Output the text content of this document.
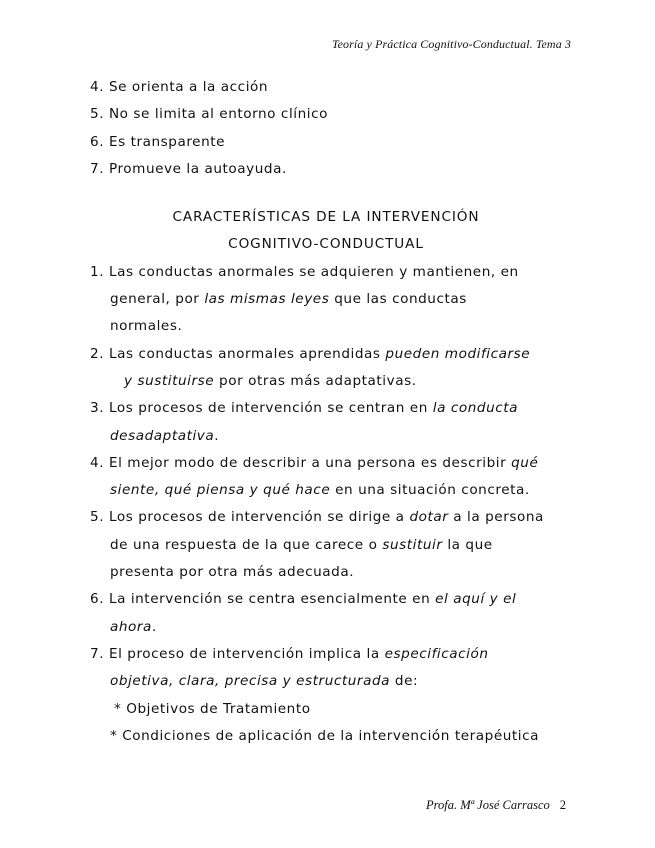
Teoría y Práctica Cognitivo-Conductual. Tema 3
4. Se orienta a la acción
5. No se limita al entorno clínico
6. Es transparente
7. Promueve la autoayuda.
CARACTERÍSTICAS DE LA INTERVENCIÓN
COGNITIVO-CONDUCTUAL
1. Las conductas anormales se adquieren y mantienen, en
general, por las mismas leyes que las conductas
normales.
2. Las conductas anormales aprendidas pueden modificarse
y sustituirse por otras más adaptativas.
3. Los procesos de intervención se centran en la conducta
desadaptativa.
4. El mejor modo de describir a una persona es describir qué
siente, qué piensa y qué hace en una situación concreta.
5. Los procesos de intervención se dirige a dotar a la persona
de una respuesta de la que carece o sustituir la que
presenta por otra más adecuada.
6. La intervención se centra esencialmente en el aquí y el
ahora.
7. El proceso de intervención implica la especificación
objetiva, clara, precisa y estructurada de:
* Objetivos de Tratamiento
* Condiciones de aplicación de la intervención terapéutica
Profa. Mª José Carrasco 2
